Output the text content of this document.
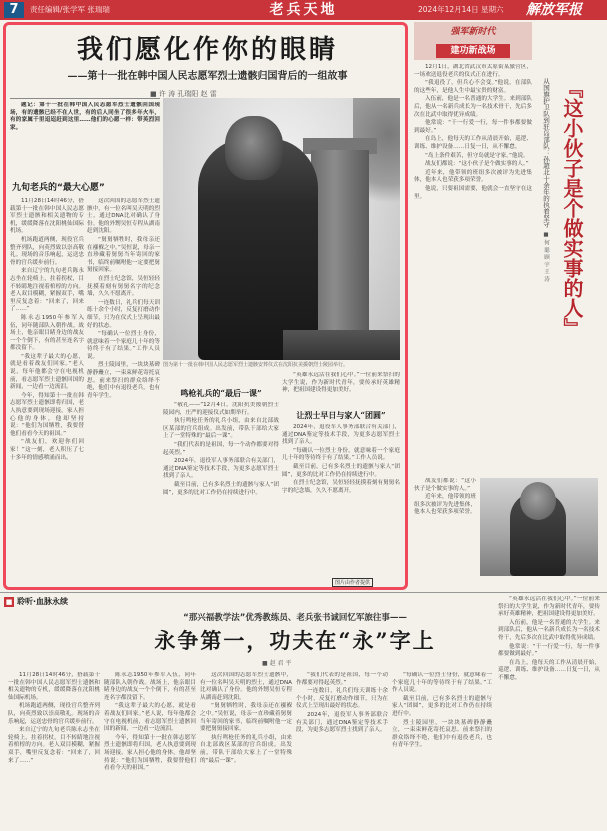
7	责任编辑/张学军 张瑞瑞	老兵天地	2024年12月14日 星期六 解放军报
我们愿化作你的眼睛
——第十一批在韩中国人民志愿军烈士遗骸归国背后的一组故事
■ 许 涛 孔瑞阳 赵 雷

题记：第十一批在韩中国人民志愿军烈士遗骸回国现场，有的遗骸已经不在人世，有的后人同坐了很多年火车，有的家属千里迢迢赶到这里……他们的心愿一样：带英烈回家。

九旬老兵的“最大心愿”

11月28日14时46分，搭载第十一批在韩中国人民志愿军烈士遗骸和相关遗物的专机，缓缓降落在沈阳桃仙国际机场。

机场跑道两侧，现役官兵整齐列队，向英烈致以崇高敬礼。现场的音乐响起，运送忠骨的官兵缓步前行。

来自辽宁的九旬老兵陈永志坐在轮椅上，拄着拐杖，目不转睛地注视着棺椁的方向。老人双目模糊，紧握双手，嘴里反复念着：“回来了，回来了……”

陈永志1950年参军入伍，同年随部队入朝作战。战场上，他亲眼目睹身边的战友一个个倒下，有的甚至连名字都没留下。

“我这辈子最大的心愿，就是看着战友们回家。”老人说，每年他都会守在电视机前，看志愿军烈士遗骸回国的新闻，一边看一边流泪。

今年，得知第十一批在韩志愿军烈士遗骸即将归国，老人执意要到现场迎接。家人担心他的身体，他却坚持说：“他们为国牺牲，我要替他们看看今天的祖国。”

“战友们，欢迎你们回家！”这一刻，老人积压了七十多年的情感喷涌而出。

这次回国的志愿军烈士遗骸中，有一位名叫吴天明的烈士，通过DNA比对确认了身份。他的外甥吴恒专程从湖南赶到沈阳。

“舅舅牺牲时，我母亲还在襁褓之中。”吴恒说，母亲一直珍藏着舅舅当年寄回的家书，临终前嘱咐他一定要把舅舅接回家。

在烈士纪念馆，吴恒轻轻抚摸着刻有舅舅名字的纪念墙，久久不愿离开。

一连数日，礼兵们每天训练十余个小时，反复打磨动作细节，只为在仪式上呈现出最好的状态。

“每确认一位烈士身份，就意味着一个家庭几十年的等待终于有了结果。”工作人员说。

烈士陵园里，一块块墓碑静静矗立，一束束鲜花寄托哀思。前来祭扫的群众络绎不绝，他们中有退役老兵，也有青年学生。

图为第十一批在韩中国人民志愿军烈士遗骸安葬仪式在沈阳抗美援朝烈士陵园举行。
鸣枪礼兵的“最后一课”

“敬礼——”12月4日，沈阳抗美援朝烈士陵园内，庄严的迎接仪式如期举行。

执行鸣枪任务的礼兵小组，由来自北部战区某部的官兵组成。出发前，带队干部给大家上了一堂特殊的“最后一课”。

“我们代表的是祖国，每一个动作都要对得起英烈。”

2024年，退役军人事务部联合有关部门，通过DNA鉴定等技术手段，为更多志愿军烈士找到了亲人。

截至目前，已有多名烈士的遗骸与家人“团圆”，更多的比对工作仍在持续进行中。

“英雄永远活在我们心中。”一位前来祭扫的大学生说，作为新时代青年，要传承好英雄精神，把祖国建设得更加美好。

让烈士早日与家人“团圆”

2024年，退役军人事务部联合有关部门，通过DNA鉴定等技术手段，为更多志愿军烈士找到了亲人。

“每确认一位烈士身份，就意味着一个家庭几十年的等待终于有了结果。”工作人员说。

截至目前，已有多名烈士的遗骸与家人“团圆”，更多的比对工作仍在持续进行中。

在烈士纪念馆，吴恒轻轻抚摸着刻有舅舅名字的纪念墙，久久不愿离开。

图片由作者提供
强军新时代
建功新战场

12月1日，湖北省武汉市太原街某旅营区，一场欢送退役老兵的仪式正在进行。

“我退役了，但兵心不会变。”他说，在部队的这些年，是他人生中最宝贵的财富。

入伍前，他是一名普通的大学生。来到部队后，他从一名新兵成长为一名技术骨干，先后多次在比武中取得优异成绩。

他常说：“干一行爱一行，每一件事都要做到最好。”

在岛上，他每天的工作从清晨开始，巡逻、训练、维护设备……日复一日，从不懈怠。

“岛上条件艰苦，但守岛就是守家。”他说。

战友们都说：“这小伙子是个做实事的人。”

近年来，他带领的班组多次被评为先进集体，他本人也荣获多项荣誉。

他说，只要祖国需要，他就会一直坚守在这里。	从国旗护卫队到驻岛部队：孙超北十余年的执着坚守 『这小伙子是个做实事的人』
■ 何 聪 顾 宇 王 涛

战友们都说：“这小伙子是个做实事的人。”

近年来，他带领的班组多次被评为先进集体，他本人也荣获多项荣誉。

■ 聆听·血脉永续
“那兴福教学法”优秀教练员、老兵张书诚回忆军旅往事——
永争第一，功夫在“永”字上
■ 赵 君 平

11月28日14时46分，搭载第十一批在韩中国人民志愿军烈士遗骸和相关遗物的专机，缓缓降落在沈阳桃仙国际机场。

机场跑道两侧，现役官兵整齐列队，向英烈致以崇高敬礼。现场的音乐响起，运送忠骨的官兵缓步前行。

来自辽宁的九旬老兵陈永志坐在轮椅上，拄着拐杖，目不转睛地注视着棺椁的方向。老人双目模糊，紧握双手，嘴里反复念着：“回来了，回来了……”

陈永志1950年参军入伍，同年随部队入朝作战。战场上，他亲眼目睹身边的战友一个个倒下，有的甚至连名字都没留下。

“我这辈子最大的心愿，就是看着战友们回家。”老人说，每年他都会守在电视机前，看志愿军烈士遗骸回国的新闻，一边看一边流泪。

今年，得知第十一批在韩志愿军烈士遗骸即将归国，老人执意要到现场迎接。家人担心他的身体，他却坚持说：“他们为国牺牲，我要替他们看看今天的祖国。”

这次回国的志愿军烈士遗骸中，有一位名叫吴天明的烈士，通过DNA比对确认了身份。他的外甥吴恒专程从湖南赶到沈阳。

“舅舅牺牲时，我母亲还在襁褓之中。”吴恒说，母亲一直珍藏着舅舅当年寄回的家书，临终前嘱咐他一定要把舅舅接回家。

执行鸣枪任务的礼兵小组，由来自北部战区某部的官兵组成。出发前，带队干部给大家上了一堂特殊的“最后一课”。

“我们代表的是祖国，每一个动作都要对得起英烈。”

一连数日，礼兵们每天训练十余个小时，反复打磨动作细节，只为在仪式上呈现出最好的状态。

2024年，退役军人事务部联合有关部门，通过DNA鉴定等技术手段，为更多志愿军烈士找到了亲人。

“每确认一位烈士身份，就意味着一个家庭几十年的等待终于有了结果。”工作人员说。

截至目前，已有多名烈士的遗骸与家人“团圆”，更多的比对工作仍在持续进行中。

烈士陵园里，一块块墓碑静静矗立，一束束鲜花寄托哀思。前来祭扫的群众络绎不绝，他们中有退役老兵，也有青年学生。

“英雄永远活在我们心中。”一位前来祭扫的大学生说，作为新时代青年，要传承好英雄精神，把祖国建设得更加美好。

入伍前，他是一名普通的大学生。来到部队后，他从一名新兵成长为一名技术骨干，先后多次在比武中取得优异成绩。

他常说：“干一行爱一行，每一件事都要做到最好。”

在岛上，他每天的工作从清晨开始，巡逻、训练、维护设备……日复一日，从不懈怠。
